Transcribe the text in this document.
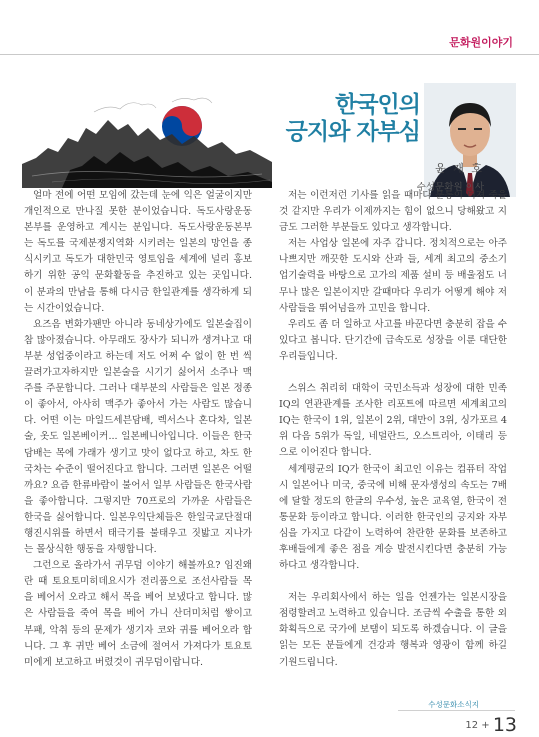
문화원이야기
한국인의
긍지와 자부심
윤 재 호
수성문화원 이사

얼마 전에 어떤 모임에 갔는데 눈에 익은 얼굴이지만 개인적으로 만나질 못한 분이었습니다. 독도사랑운동본부를 운영하고 계시는 분입니다. 독도사랑운동본부는 독도를 국제분쟁지역화 시키려는 일본의 망언을 종식시키고 독도가 대한민국 영토임을 세계에 널리 홍보하기 위한 공익 문화활동을 추진하고 있는 곳입니다. 이 분과의 만남을 통해 다시금 한일관계를 생각하게 되는 시간이었습니다.

요즈음 변화가팬만 아니라 동네상가에도 일본술집이 참 많아졌습니다. 아무래도 장사가 되니까 생겨나고 대부분 성업중이라고 하는데 저도 어쩌 수 없이 한 번 씩 끌려가고자하지만 일본술을 시기기 싫어서 소주나 맥주를 주문합니다. 그러나 대부분의 사람들은 일본 정종이 좋아서, 아사히 맥주가 좋아서 가는 사람도 많습니다. 어떤 이는 마일드세븐담배, 렉서스나 혼다차, 일본술, 옷도 일본베이커... 일본베니아입니다. 이들은 한국담배는 목에 가래가 생기고 맛이 없다고 하고, 차도 한국차는 수준이 떨어진다고 합니다. 그러면 일본은 어떨까요? 요즘 한류바람이 불어서 일부 사람들은 한국사람을 좋아합니다. 그렇지만 70프로의 가까운 사람들은 한국을 싫어합니다. 일본우익단체들은 한일국교단절대행진시위를 하면서 태극기를 불태우고 짓밟고 지나가는 몰상식한 행동을 자행합니다.

그런으로 올라가서 귀무덤 이야기 해볼까요? 임진왜란 때 토요토미히데요시가 전리품으로 조선사람들 목을 베어서 오라고 해서 목을 베어 보냈다고 합니다. 많은 사람들을 죽여 목을 베어 가니 산더미처럼 쌓이고 부패, 악취 등의 문제가 생기자 코와 귀를 베어오라 합니다. 그 후 귀만 베어 소금에 절여서 가져다가 토요토미에게 보고하고 버렸것이 귀무덤이랍니다.

저는 이런저런 기사를 읽을 때마다 분통이 터져 죽을 것 같지만 우리가 이제까지는 힘이 없으니 당해왔고 지금도 그러한 부분들도 있다고 생각합니다.

저는 사업상 일본에 자주 갑니다. 정치적으로는 아주 나쁘지만 깨끗한 도시와 산과 들, 세계 최고의 중소기업기술력을 바탕으로 고가의 제품 설비 등 배울점도 너무나 많은 일본이지만 갈때마다 우리가 어떻게 해야 저 사람들을 뛰어넘을까 고민을 합니다.

우리도 좀 더 일하고 사고를 바꾼다면 충분히 잡을 수 있다고 봅니다. 단기간에 급속도로 성장을 이룬 대단한 우리들입니다.

스위스 취리히 대학이 국민소득과 성장에 대한 민족 IQ의 연관관계를 조사한 리포트에 따르면 세계최고의 IQ는 한국이 1위, 일본이 2위, 대만이 3위, 싱가포르 4위 다음 5위가 독일, 네덜란드, 오스트리아, 이태리 등으로 이어진다 합니다.

세계평균의 IQ가 한국이 최고인 이유는 컴퓨터 작업시 일본어나 미국, 중국에 비해 문자생성의 속도는 7배에 달할 정도의 한글의 우수성, 높은 교육열, 한국이 전통문화 등이라고 합니다. 이러한 한국인의 긍지와 자부심을 가지고 다같이 노력하여 찬란한 문화를 보존하고 후배들에게 좋은 점을 계승 발전시킨다면 충분히 가능하다고 생각합니다.

저는 우리회사에서 하는 일을 언젠가는 일본시장을 점령할려고 노력하고 있습니다. 조금씩 수출을 통한 외화획득으로 국가에 보탬이 되도록 하겠습니다. 이 글을 읽는 모든 분들에게 건강과 행복과 영광이 함께 하길 기원드립니다.

수성문화소식지
12 + 13
